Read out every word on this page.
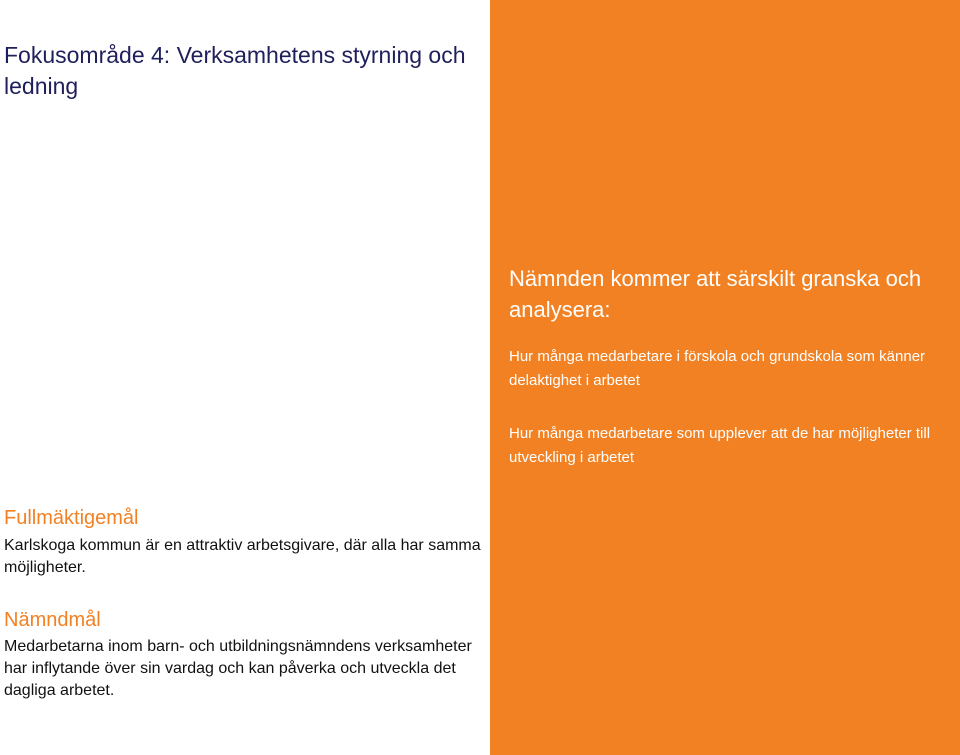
Fokusområde 4: Verksamhetens styrning och ledning
Fullmäktigemål

Karlskoga kommun är en attraktiv arbetsgivare, där alla har samma möjligheter.

Nämndmål

Medarbetarna inom barn- och utbildningsnämndens verksamheter har inflytande över sin vardag och kan påverka och utveckla det dagliga arbetet.

Nämnden kommer att särskilt granska och analysera:

Hur många medarbetare i förskola och grundskola som känner delaktighet i arbetet

Hur många medarbetare som upplever att de har möjligheter till utveckling i arbetet
